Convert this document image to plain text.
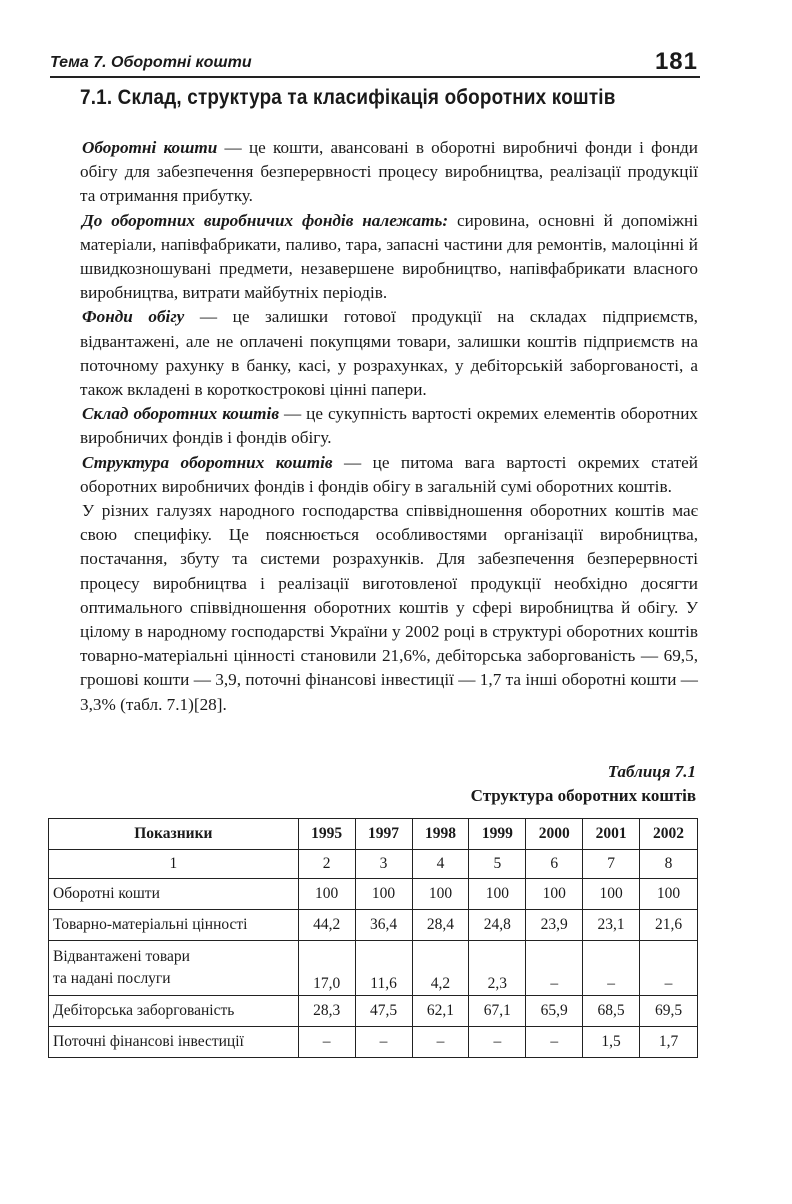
Тема 7. Оборотні кошти	181
7.1. Склад, структура та класифікація оборотних коштів

Оборотні кошти — це кошти, авансовані в оборотні виробничі фонди і фонди обігу для забезпечення безперервності процесу виробництва, реалізації продукції та отримання прибутку.

До оборотних виробничих фондів належать: сировина, основні й допоміжні матеріали, напівфабрикати, паливо, тара, запасні частини для ремонтів, малоцінні й швидкозношувані предмети, незавершене виробництво, напівфабрикати власного виробництва, витрати майбутніх періодів.

Фонди обігу — це залишки готової продукції на складах підприємств, відвантажені, але не оплачені покупцями товари, залишки коштів підприємств на поточному рахунку в банку, касі, у розрахунках, у дебіторській заборгованості, а також вкладені в короткострокові цінні папери.

Склад оборотних коштів — це сукупність вартості окремих елементів оборотних виробничих фондів і фондів обігу.

Структура оборотних коштів — це питома вага вартості окремих статей оборотних виробничих фондів і фондів обігу в загальній сумі оборотних коштів.

У різних галузях народного господарства співвідношення оборотних коштів має свою специфіку. Це пояснюється особливостями організації виробництва, постачання, збуту та системи розрахунків. Для забезпечення безперервності процесу виробництва і реалізації виготовленої продукції необхідно досягти оптимального співвідношення оборотних коштів у сфері виробництва й обігу. У цілому в народному господарстві України у 2002 році в структурі оборотних коштів товарно-матеріальні цінності становили 21,6%, дебіторська заборгованість — 69,5, грошові кошти — 3,9, поточні фінансові інвестиції — 1,7 та інші оборотні кошти — 3,3% (табл. 7.1)[28].

Таблиця 7.1
Структура оборотних коштів
Показники	1995	1997	1998	1999	2000	2001	2002
1	2	3	4	5	6	7	8
Оборотні кошти	100	100	100	100	100	100	100
Товарно-матеріальні цінності	44,2	36,4	28,4	24,8	23,9	23,1	21,6

Відвантажені товари
та надані послуги	17,0	11,6	4,2	2,3	–	–	–
Дебіторська заборгованість	28,3	47,5	62,1	67,1	65,9	68,5	69,5
Поточні фінансові інвестиції	–	–	–	–	–	1,5	1,7
